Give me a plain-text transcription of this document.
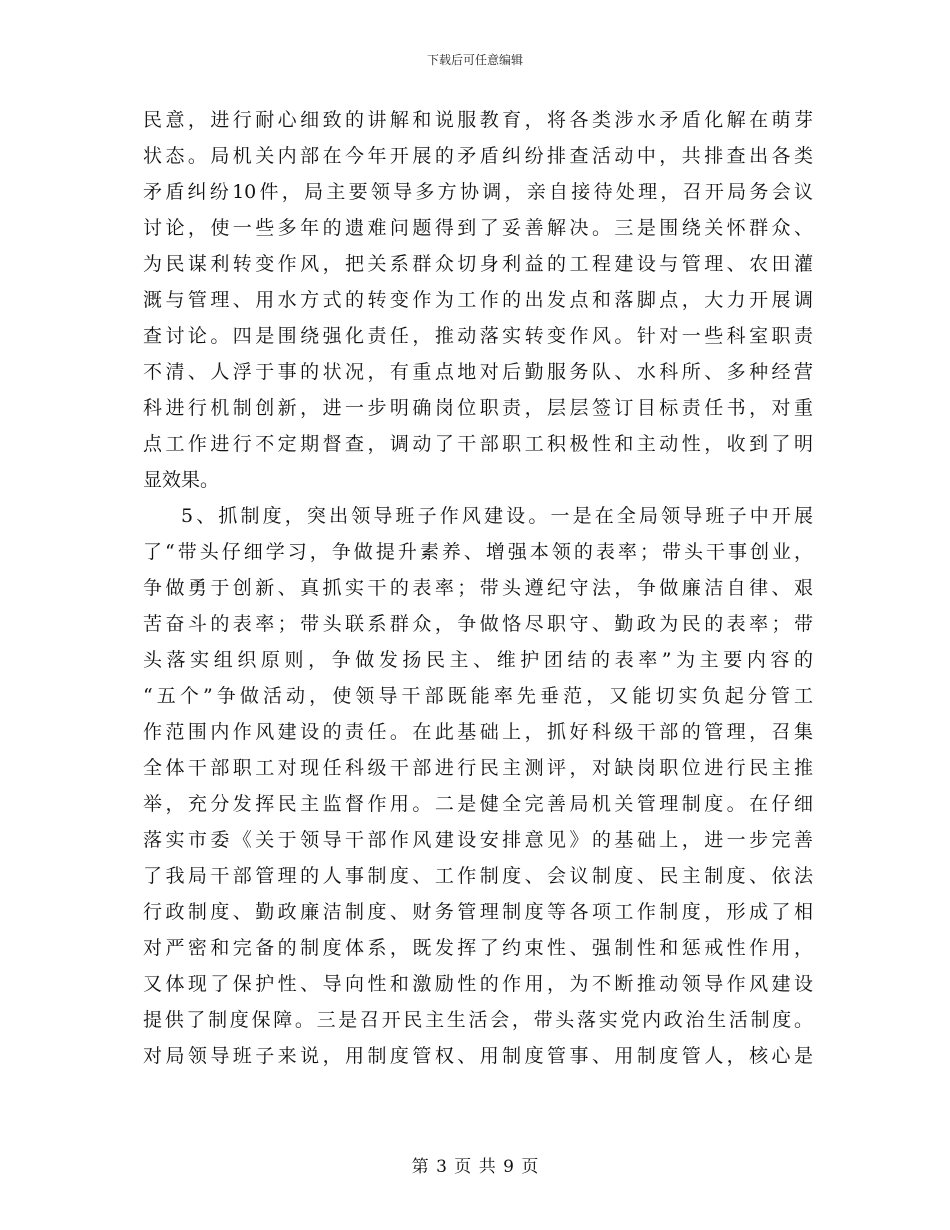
下载后可任意编辑
民意，进行耐心细致的讲解和说服教育，将各类涉水矛盾化解在萌芽
状态。局机关内部在今年开展的矛盾纠纷排查活动中，共排查出各类
矛盾纠纷10件，局主要领导多方协调，亲自接待处理，召开局务会议
讨论，使一些多年的遗难问题得到了妥善解决。三是围绕关怀群众、
为民谋利转变作风，把关系群众切身利益的工程建设与管理、农田灌
溉与管理、用水方式的转变作为工作的出发点和落脚点，大力开展调
查讨论。四是围绕强化责任，推动落实转变作风。针对一些科室职责
不清、人浮于事的状况，有重点地对后勤服务队、水科所、多种经营
科进行机制创新，进一步明确岗位职责，层层签订目标责任书，对重
点工作进行不定期督查，调动了干部职工积极性和主动性，收到了明
显效果。
5、抓制度，突出领导班子作风建设。一是在全局领导班子中开展
了“带头仔细学习，争做提升素养、增强本领的表率；带头干事创业，
争做勇于创新、真抓实干的表率；带头遵纪守法，争做廉洁自律、艰
苦奋斗的表率；带头联系群众，争做恪尽职守、勤政为民的表率；带
头落实组织原则，争做发扬民主、维护团结的表率”为主要内容的
“五个”争做活动，使领导干部既能率先垂范，又能切实负起分管工
作范围内作风建设的责任。在此基础上，抓好科级干部的管理，召集
全体干部职工对现任科级干部进行民主测评，对缺岗职位进行民主推
举，充分发挥民主监督作用。二是健全完善局机关管理制度。在仔细
落实市委《关于领导干部作风建设安排意见》的基础上，进一步完善
了我局干部管理的人事制度、工作制度、会议制度、民主制度、依法
行政制度、勤政廉洁制度、财务管理制度等各项工作制度，形成了相
对严密和完备的制度体系，既发挥了约束性、强制性和惩戒性作用，
又体现了保护性、导向性和激励性的作用，为不断推动领导作风建设
提供了制度保障。三是召开民主生活会，带头落实党内政治生活制度。
对局领导班子来说，用制度管权、用制度管事、用制度管人，核心是
第 3 页 共 9 页
